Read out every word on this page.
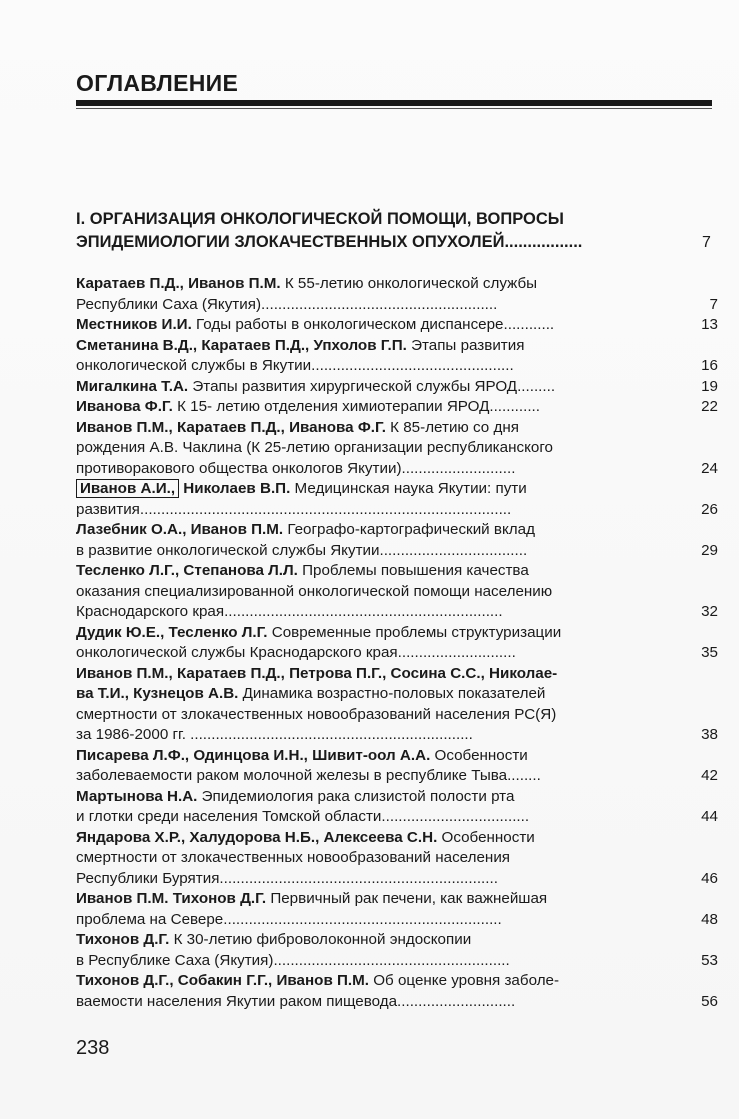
ОГЛАВЛЕНИЕ
I. ОРГАНИЗАЦИЯ ОНКОЛОГИЧЕСКОЙ ПОМОЩИ, ВОПРОСЫ
ЭПИДЕМИОЛОГИИ ЗЛОКАЧЕСТВЕННЫХ ОПУХОЛЕЙ.................	7
Каратаев П.Д., Иванов П.М. К 55-летию онкологической службы
Республики Саха (Якутия)........................................................	7
Местников И.И. Годы работы в онкологическом диспансере............	13
Сметанина В.Д., Каратаев П.Д., Упхолов Г.П. Этапы развития
онкологической службы в Якутии................................................	16
Мигалкина Т.А. Этапы развития хирургической службы ЯРОД.........	19
Иванова Ф.Г. К 15- летию отделения химиотерапии ЯРОД............	22
Иванов П.М., Каратаев П.Д., Иванова Ф.Г. К 85-летию со дня
рождения А.В. Чаклина (К 25-летию организации республиканского
противоракового общества онкологов Якутии)...........................	24
Иванов А.И., Николаев В.П. Медицинская наука Якутии: пути
развития........................................................................................	26
Лазебник О.А., Иванов П.М. Географо-картографический вклад
в развитие онкологической службы Якутии...................................	29
Тесленко Л.Г., Степанова Л.Л. Проблемы повышения качества
оказания специализированной онкологической помощи населению
Краснодарского края..................................................................	32
Дудик Ю.Е., Тесленко Л.Г. Современные проблемы структуризации
онкологической службы Краснодарского края............................	35
Иванов П.М., Каратаев П.Д., Петрова П.Г., Сосина С.С., Николае-
ва Т.И., Кузнецов А.В. Динамика возрастно-половых показателей
смертности от злокачественных новообразований населения РС(Я)
за 1986-2000 гг. ...................................................................	38
Писарева Л.Ф., Одинцова И.Н., Шивит-оол А.А. Особенности
заболеваемости раком молочной железы в республике Тыва........	42
Мартынова Н.А. Эпидемиология рака слизистой полости рта
и глотки среди населения Томской области...................................	44
Яндарова Х.Р., Халудорова Н.Б., Алексеева С.Н. Особенности
смертности от злокачественных новообразований населения
Республики Бурятия..................................................................	46
Иванов П.М. Тихонов Д.Г. Первичный рак печени, как важнейшая
проблема на Севере..................................................................	48
Тихонов Д.Г. К 30-летию фиброволоконной эндоскопии
в Республике Саха (Якутия)........................................................	53
Тихонов Д.Г., Собакин Г.Г., Иванов П.М. Об оценке уровня заболе-
ваемости населения Якутии раком пищевода............................	56
238
